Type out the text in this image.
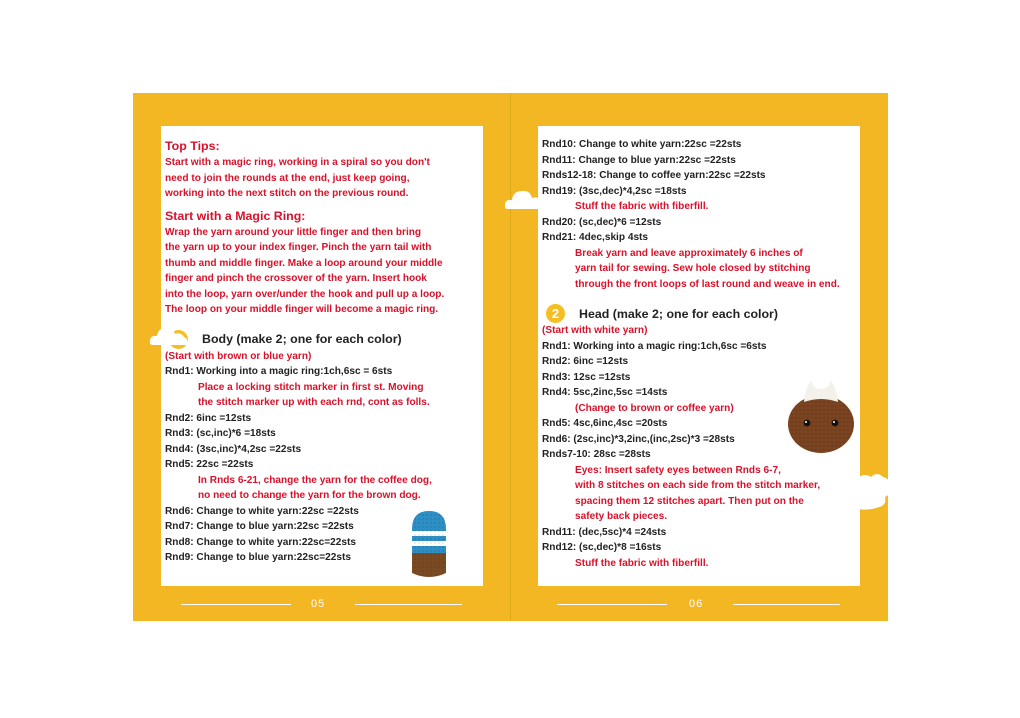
Top Tips:
Start with a magic ring, working in a spiral so you don't
need to join the rounds at the end, just keep going,
working into the next stitch on the previous round.
Start with a Magic Ring:
Wrap the yarn around your little finger and then bring
the yarn up to your index finger. Pinch the yarn tail with
thumb and middle finger. Make a loop around your middle
finger and pinch the crossover of the yarn. Insert hook
into the loop, yarn over/under the hook and pull up a loop.
The loop on your middle finger will become a magic ring.
Body (make 2; one for each color)
(Start with brown or blue yarn)
Rnd1: Working into a magic ring:1ch,6sc = 6sts
Place a locking stitch marker in first st. Moving
the stitch marker up with each rnd, cont as folls.
Rnd2: 6inc =12sts
Rnd3: (sc,inc)*6 =18sts
Rnd4: (3sc,inc)*4,2sc =22sts
Rnd5: 22sc =22sts
In Rnds 6-21, change the yarn for the coffee dog,
no need to change the yarn for the brown dog.
Rnd6: Change to white yarn:22sc =22sts
Rnd7: Change to blue yarn:22sc =22sts
Rnd8: Change to white yarn:22sc=22sts
Rnd9: Change to blue yarn:22sc=22sts
Rnd10: Change to white yarn:22sc =22sts
Rnd11: Change to blue yarn:22sc =22sts
Rnds12-18: Change to coffee yarn:22sc =22sts
Rnd19: (3sc,dec)*4,2sc =18sts
Stuff the fabric with fiberfill.
Rnd20: (sc,dec)*6 =12sts
Rnd21: 4dec,skip 4sts
Break yarn and leave approximately 6 inches of
yarn tail for sewing. Sew hole closed by stitching
through the front loops of last round and weave in end.
2	Head (make 2; one for each color)
(Start with white yarn)
Rnd1: Working into a magic ring:1ch,6sc =6sts
Rnd2: 6inc =12sts
Rnd3: 12sc =12sts
Rnd4: 5sc,2inc,5sc =14sts
(Change to brown or coffee yarn)
Rnd5: 4sc,6inc,4sc =20sts
Rnd6: (2sc,inc)*3,2inc,(inc,2sc)*3 =28sts
Rnds7-10: 28sc =28sts
Eyes: Insert safety eyes between Rnds 6-7,
with 8 stitches on each side from the stitch marker,
spacing them 12 stitches apart. Then put on the
safety back pieces.
Rnd11: (dec,5sc)*4 =24sts
Rnd12: (sc,dec)*8 =16sts
Stuff the fabric with fiberfill.
05	06
